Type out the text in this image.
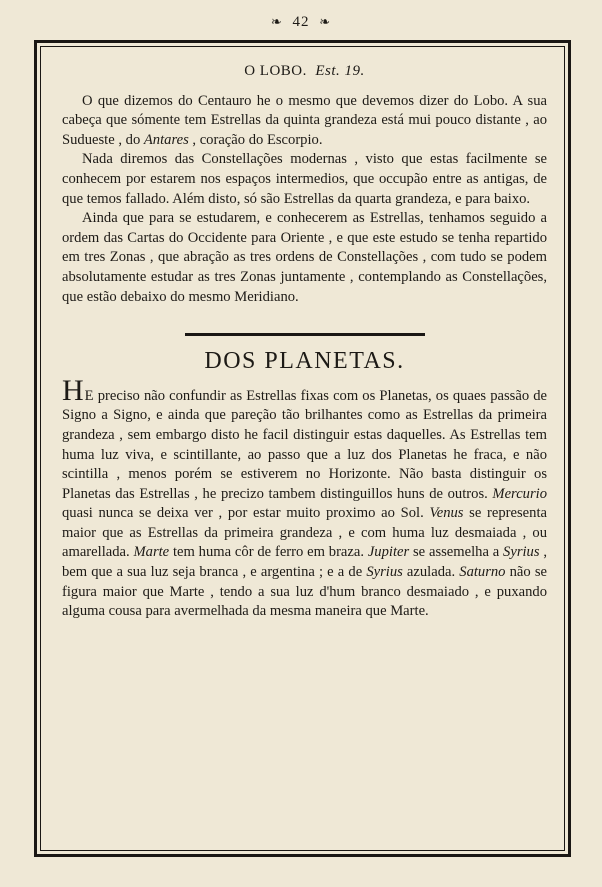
❧ 42 ❧
O LOBO. Est. 19.

O que dizemos do Centauro he o mesmo que devemos dizer do Lobo. A sua cabeça que sómente tem Estrellas da quinta grandeza está mui pouco distante , ao Sudueste , do Antares , coração do Escorpio.

Nada diremos das Constellações modernas , visto que estas facilmente se conhecem por estarem nos espaços intermedios, que occupão entre as antigas, de que temos fallado. Além disto, só são Estrellas da quarta grandeza, e para baixo.

Ainda que para se estudarem, e conhecerem as Estrellas, tenhamos seguido a ordem das Cartas do Occidente para Oriente , e que este estudo se tenha repartido em tres Zonas , que abração as tres ordens de Constellações , com tudo se podem absolutamente estudar as tres Zonas juntamente , contemplando as Constellações, que estão debaixo do mesmo Meridiano.

DOS PLANETAS.

HE preciso não confundir as Estrellas fixas com os Planetas, os quaes passão de Signo a Signo, e ainda que pareção tão brilhantes como as Estrellas da primeira grandeza , sem embargo disto he facil distinguir estas daquelles. As Estrellas tem huma luz viva, e scintillante, ao passo que a luz dos Planetas he fraca, e não scintilla , menos porém se estiverem no Horizonte. Não basta distinguir os Planetas das Estrellas , he precizo tambem distinguillos huns de outros. Mercurio quasi nunca se deixa ver , por estar muito proximo ao Sol. Venus se representa maior que as Estrellas da primeira grandeza , e com huma luz desmaiada , ou amarellada. Marte tem huma côr de ferro em braza. Jupiter se assemelha a Syrius , bem que a sua luz seja branca , e argentina ; e a de Syrius azulada. Saturno não se figura maior que Marte , tendo a sua luz d'hum branco desmaiado , e puxando alguma cousa para avermelhada da mesma maneira que Marte.
